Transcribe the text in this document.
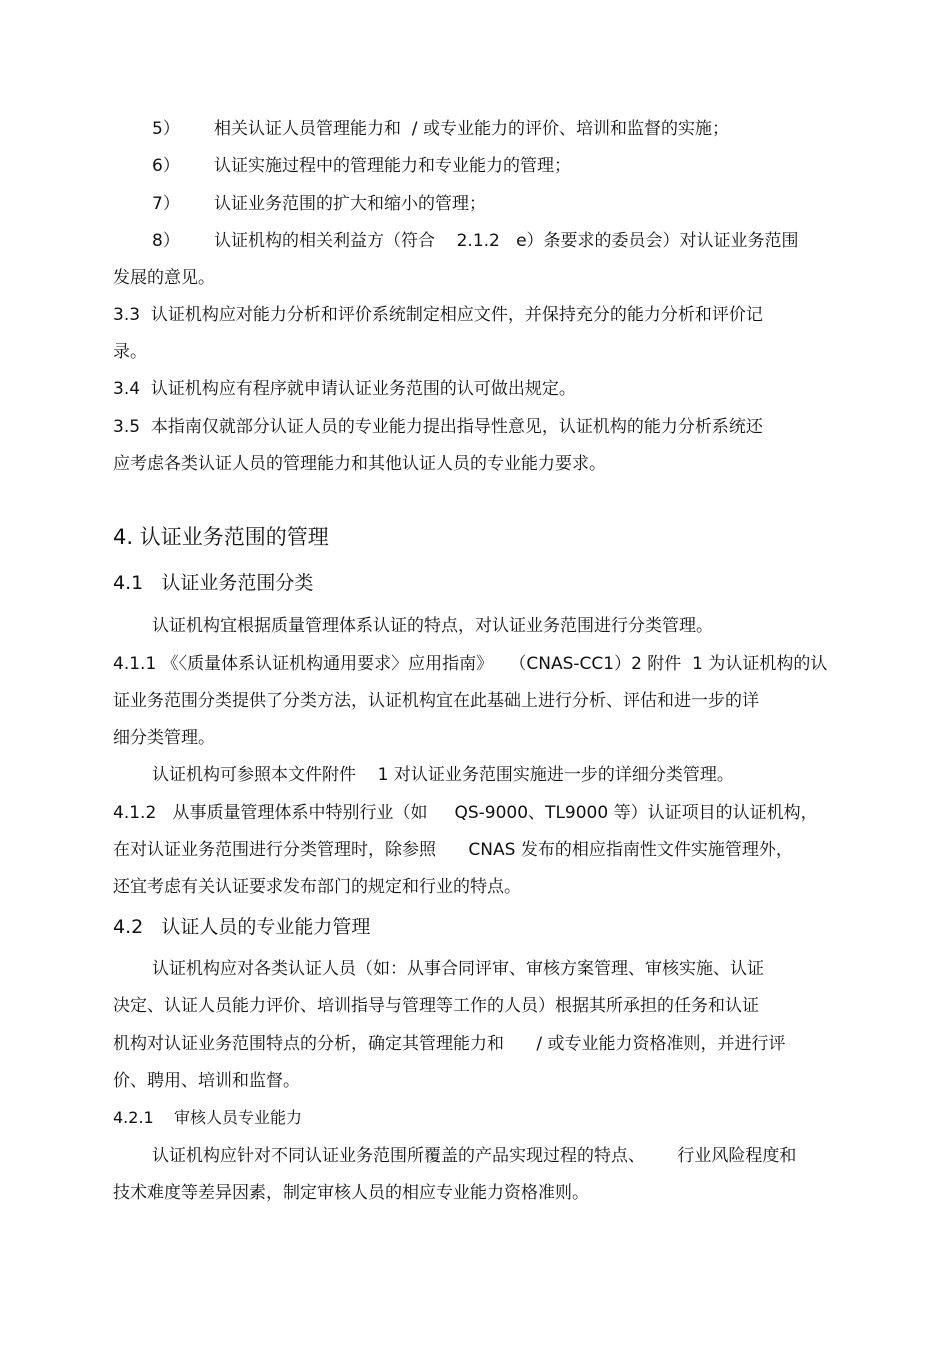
5） 相关认证人员管理能力和  / 或专业能力的评价、培训和监督的实施；
6） 认证实施过程中的管理能力和专业能力的管理；
7） 认证业务范围的扩大和缩小的管理；
8） 认证机构的相关利益方（符合    2.1.2   e）条要求的委员会）对认证业务范围
发展的意见。
3.3  认证机构应对能力分析和评价系统制定相应文件，并保持充分的能力分析和评价记
录。
3.4  认证机构应有程序就申请认证业务范围的认可做出规定。
3.5  本指南仅就部分认证人员的专业能力提出指导性意见，认证机构的能力分析系统还
应考虑各类认证人员的管理能力和其他认证人员的专业能力要求。
4. 认证业务范围的管理
4.1   认证业务范围分类
认证机构宜根据质量管理体系认证的特点，对认证业务范围进行分类管理。
4.1.1 《〈质量体系认证机构通用要求〉应用指南》   （CNAS-CC1）2 附件  1 为认证机构的认
证业务范围分类提供了分类方法，认证机构宜在此基础上进行分析、评估和进一步的详
细分类管理。
认证机构可参照本文件附件    1 对认证业务范围实施进一步的详细分类管理。
4.1.2   从事质量管理体系中特别行业（如     QS-9000、TL9000 等）认证项目的认证机构，
在对认证业务范围进行分类管理时，除参照      CNAS 发布的相应指南性文件实施管理外，
还宜考虑有关认证要求发布部门的规定和行业的特点。
4.2   认证人员的专业能力管理
认证机构应对各类认证人员（如：从事合同评审、审核方案管理、审核实施、认证
决定、认证人员能力评价、培训指导与管理等工作的人员）根据其所承担的任务和认证
机构对认证业务范围特点的分析，确定其管理能力和      / 或专业能力资格准则，并进行评
价、聘用、培训和监督。
4.2.1    审核人员专业能力
认证机构应针对不同认证业务范围所覆盖的产品实现过程的特点、      行业风险程度和
技术难度等差异因素，制定审核人员的相应专业能力资格准则。
